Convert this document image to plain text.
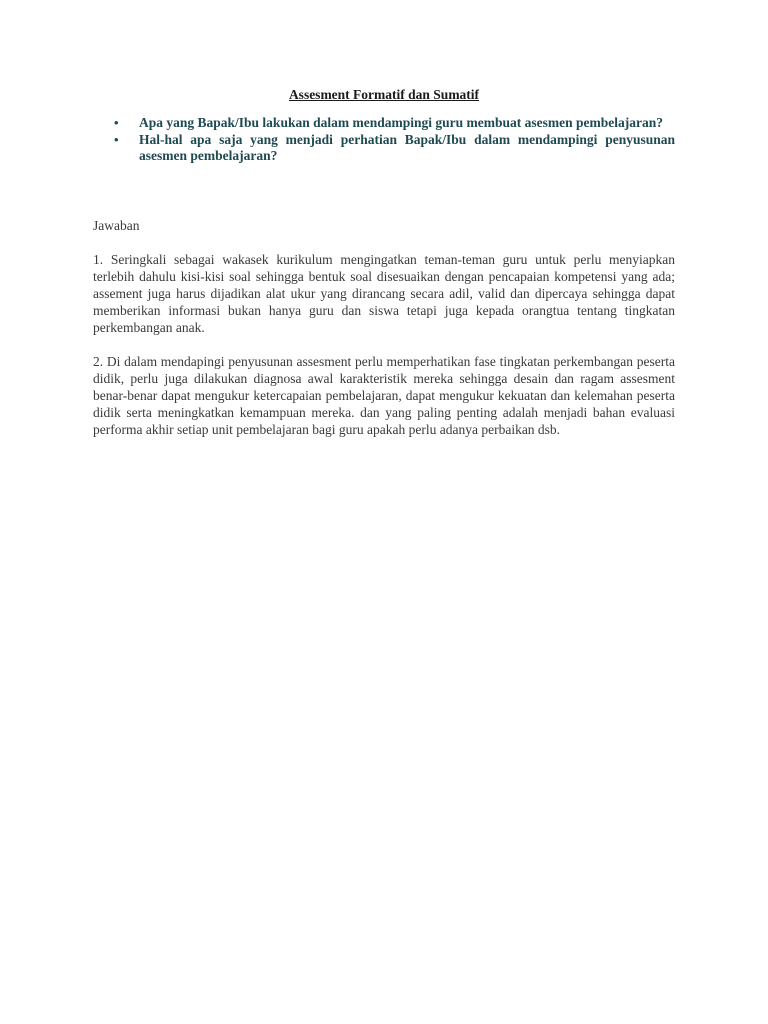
Assesment Formatif dan Sumatif
• Apa yang Bapak/Ibu lakukan dalam mendampingi guru membuat asesmen pembelajaran?
• Hal-hal apa saja yang menjadi perhatian Bapak/Ibu dalam mendampingi penyusunan asesmen pembelajaran?
Jawaban

1. Seringkali sebagai wakasek kurikulum mengingatkan teman-teman guru untuk perlu menyiapkan terlebih dahulu kisi-kisi soal sehingga bentuk soal disesuaikan dengan pencapaian kompetensi yang ada; assement juga harus dijadikan alat ukur yang dirancang secara adil, valid dan dipercaya sehingga dapat memberikan informasi bukan hanya guru dan siswa tetapi juga kepada orangtua tentang tingkatan perkembangan anak.

2. Di dalam mendapingi penyusunan assesment perlu memperhatikan fase tingkatan perkembangan peserta didik, perlu juga dilakukan diagnosa awal karakteristik mereka sehingga desain dan ragam assesment benar-benar dapat mengukur ketercapaian pembelajaran, dapat mengukur kekuatan dan kelemahan peserta didik serta meningkatkan kemampuan mereka. dan yang paling penting adalah menjadi bahan evaluasi performa akhir setiap unit pembelajaran bagi guru apakah perlu adanya perbaikan dsb.
